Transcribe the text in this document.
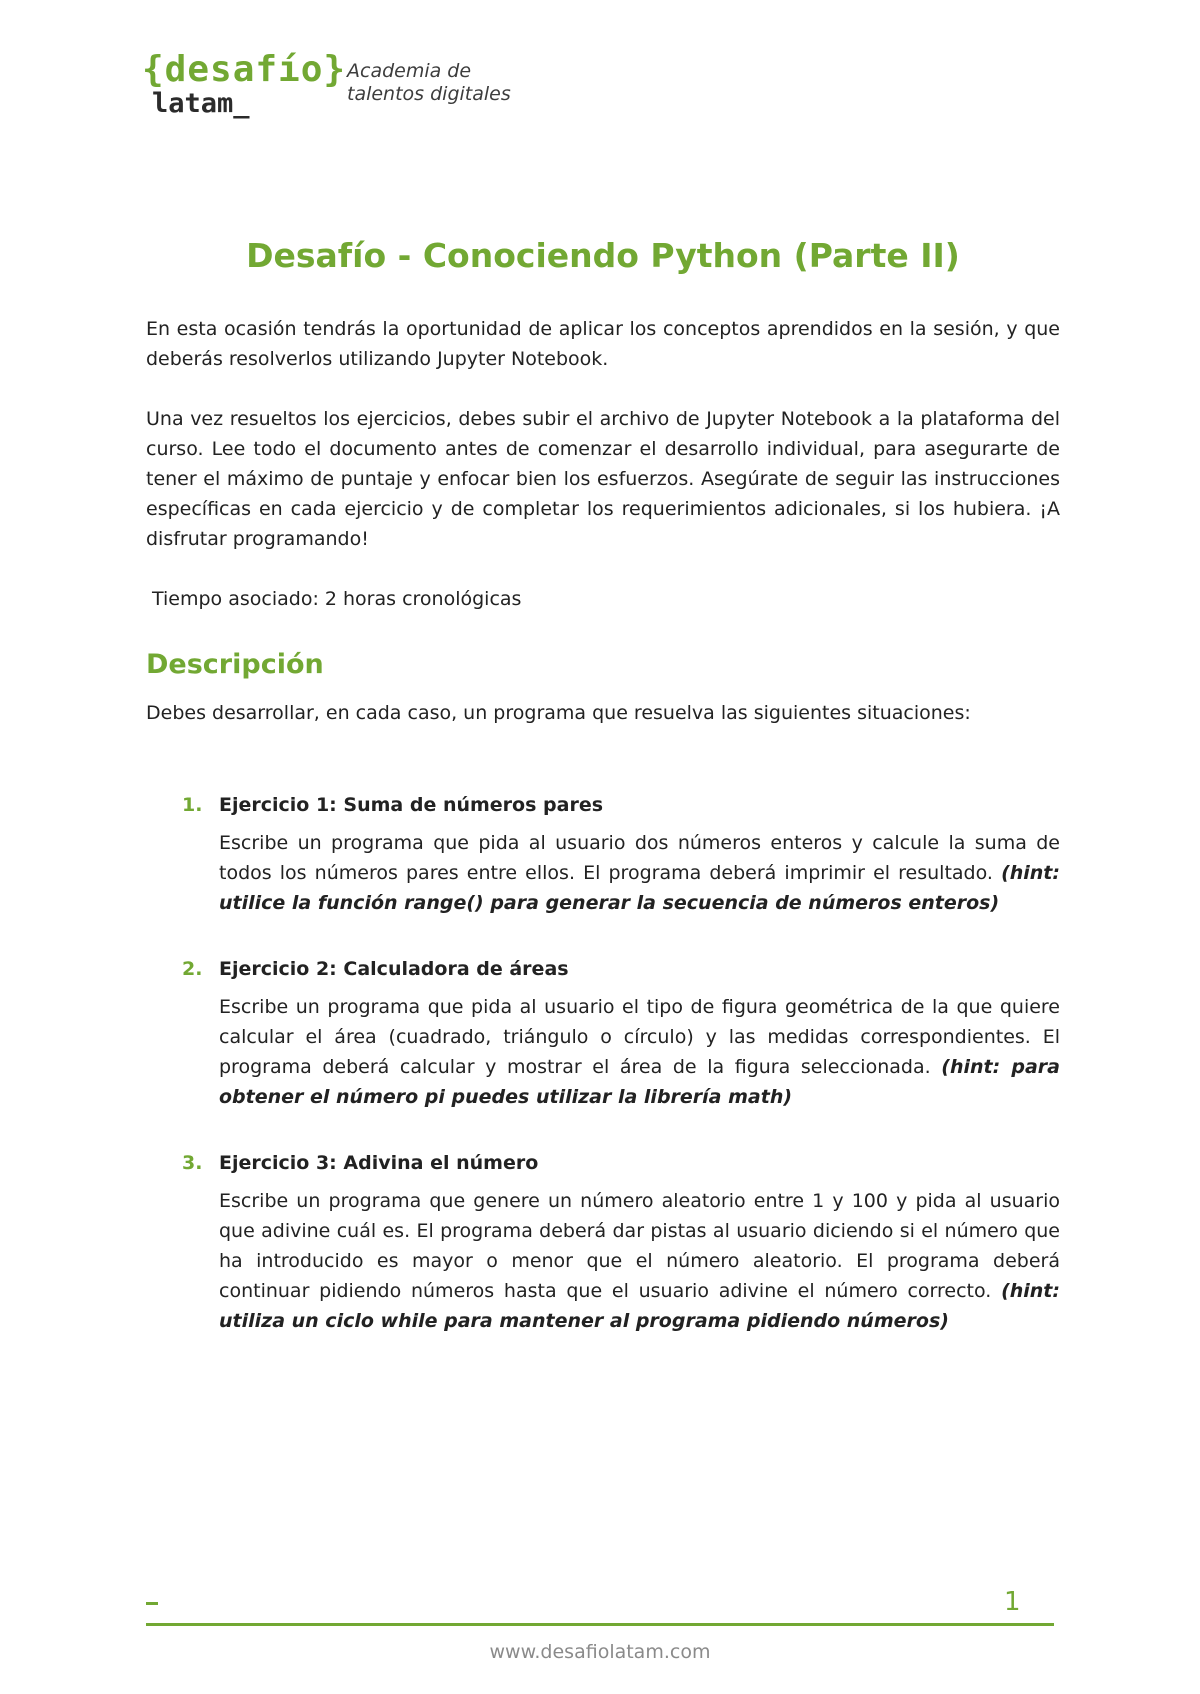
{desafío}
latam_
Academia de
talentos digitales
Desafío - Conociendo Python (Parte II)

En esta ocasión tendrás la oportunidad de aplicar los conceptos aprendidos en la sesión, y que deberás resolverlos utilizando Jupyter Notebook.

Una vez resueltos los ejercicios, debes subir el archivo de Jupyter Notebook a la plataforma del curso. Lee todo el documento antes de comenzar el desarrollo individual, para asegurarte de tener el máximo de puntaje y enfocar bien los esfuerzos. Asegúrate de seguir las instrucciones específicas en cada ejercicio y de completar los requerimientos adicionales, si los hubiera. ¡A disfrutar programando!

Tiempo asociado: 2 horas cronológicas

Descripción

Debes desarrollar, en cada caso, un programa que resuelva las siguientes situaciones:

1. Ejercicio 1: Suma de números pares

Escribe un programa que pida al usuario dos números enteros y calcule la suma de todos los números pares entre ellos. El programa deberá imprimir el resultado. (hint: utilice la función range() para generar la secuencia de números enteros)

2. Ejercicio 2: Calculadora de áreas

Escribe un programa que pida al usuario el tipo de figura geométrica de la que quiere calcular el área (cuadrado, triángulo o círculo) y las medidas correspondientes. El programa deberá calcular y mostrar el área de la figura seleccionada. (hint: para obtener el número pi puedes utilizar la librería math)

3. Ejercicio 3: Adivina el número

Escribe un programa que genere un número aleatorio entre 1 y 100 y pida al usuario que adivine cuál es. El programa deberá dar pistas al usuario diciendo si el número que ha introducido es mayor o menor que el número aleatorio. El programa deberá continuar pidiendo números hasta que el usuario adivine el número correcto. (hint: utiliza un ciclo while para mantener al programa pidiendo números)

1
www.desafiolatam.com
